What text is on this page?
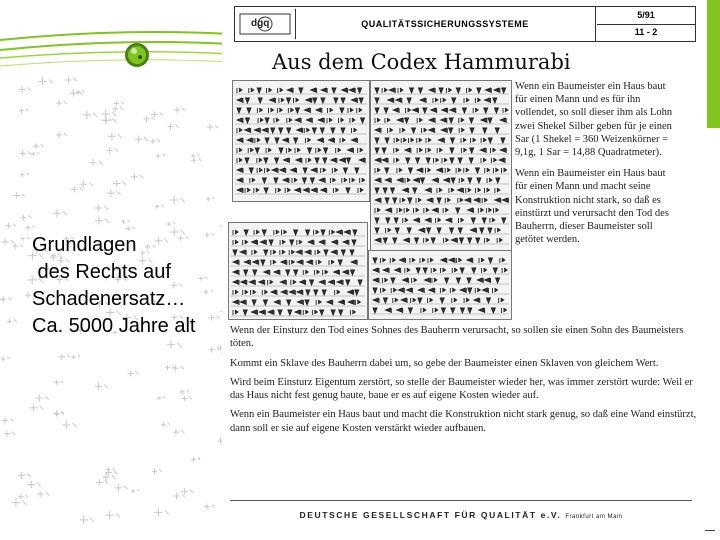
Grundlagen
des Rechts auf
Schadenersatz…
Ca. 5000 Jahre alt
dgq	QUALITÄTSSICHERUNGSSYSTEME
5/91
11 - 2
Aus dem Codex Hammurabi

Wenn ein Baumeister ein Haus baut für einen Mann und es für ihn vollendet, so soll dieser ihm als Lohn zwei Shekel Silber geben für je einen Sar (1 Shekel = 360 Weizenkörner = 9,1g, 1 Sar = 14,88 Quadratmeter).

Wenn ein Baumeister ein Haus baut für einen Mann und macht seine Konstruktion nicht stark, so daß es einstürzt und verursacht den Tod des Bauherrn, dieser Baumeister soll getötet werden.

Wenn der Einsturz den Tod eines Sohnes des Bauherrn verursacht, so sollen sie einen Sohn des Baumeisters töten.

Kommt ein Sklave des Bauherrn dabei um, so gebe der Baumeister einen Sklaven von gleichem Wert.

Wird beim Einsturz Eigentum zerstört, so stelle der Baumeister wieder her, was immer zerstört wurde: Weil er das Haus nicht fest genug baute, baue er es auf eigene Kosten wieder auf.

Wenn ein Baumeister ein Haus baut und macht die Konstruktion nicht stark genug, so daß eine Wand einstürzt, dann soll er sie auf eigene Kosten verstärkt wieder aufbauen.

DEUTSCHE GESELLSCHAFT FÜR QUALITÄT e.V. Frankfurt am Main
